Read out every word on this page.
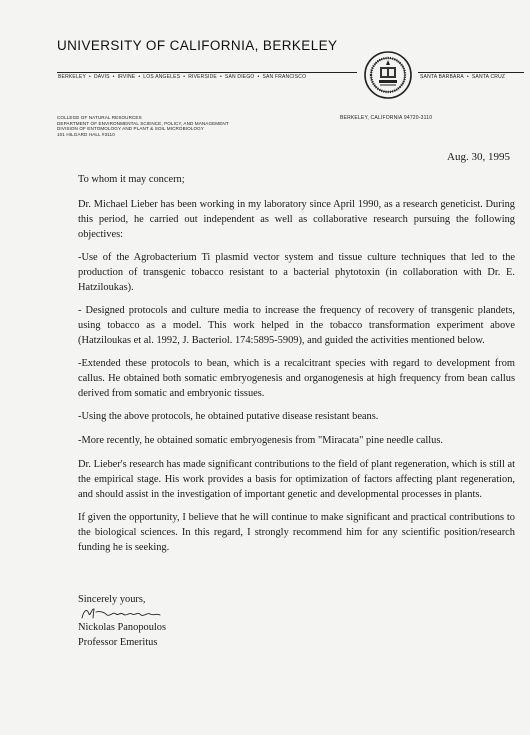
UNIVERSITY OF CALIFORNIA, BERKELEY
BERKELEY • DAVIS • IRVINE • LOS ANGELES • RIVERSIDE • SAN DIEGO • SAN FRANCISCO	SANTA BARBARA • SANTA CRUZ
COLLEGE OF NATURAL RESOURCES
DEPARTMENT OF ENVIRONMENTAL SCIENCE, POLICY, AND MANAGEMENT
DIVISION OF ENTOMOLOGY AND PLANT & SOIL MICROBIOLOGY
101 HILGARD HALL #3110
BERKELEY, CALIFORNIA 94720-3110
Aug. 30, 1995

To whom it may concern;

Dr. Michael Lieber has been working in my laboratory since April 1990, as a research geneticist. During this period, he carried out independent as well as collaborative research pursuing the following objectives:

-Use of the Agrobacterium Ti plasmid vector system and tissue culture techniques that led to the production of transgenic tobacco resistant to a bacterial phytotoxin (in collaboration with Dr. E. Hatziloukas).

- Designed protocols and culture media to increase the frequency of recovery of transgenic plandets, using tobacco as a model. This work helped in the tobacco transformation experiment above (Hatziloukas et al. 1992, J. Bacteriol. 174:5895-5909), and guided the activities mentioned below.

-Extended these protocols to bean, which is a recalcitrant species with regard to development from callus. He obtained both somatic embryogenesis and organogenesis at high frequency from bean callus derived from somatic and embryonic tissues.

-Using the above protocols, he obtained putative disease resistant beans.

-More recently, he obtained somatic embryogenesis from "Miracata" pine needle callus.

Dr. Lieber's research has made significant contributions to the field of plant regeneration, which is still at the empirical stage. His work provides a basis for optimization of factors affecting plant regeneration, and should assist in the investigation of important genetic and developmental processes in plants.

If given the opportunity, I believe that he will continue to make significant and practical contributions to the biological sciences. In this regard, I strongly recommend him for any scientific position/research funding he is seeking.

Sincerely yours,
Nickolas Panopoulos
Professor Emeritus
